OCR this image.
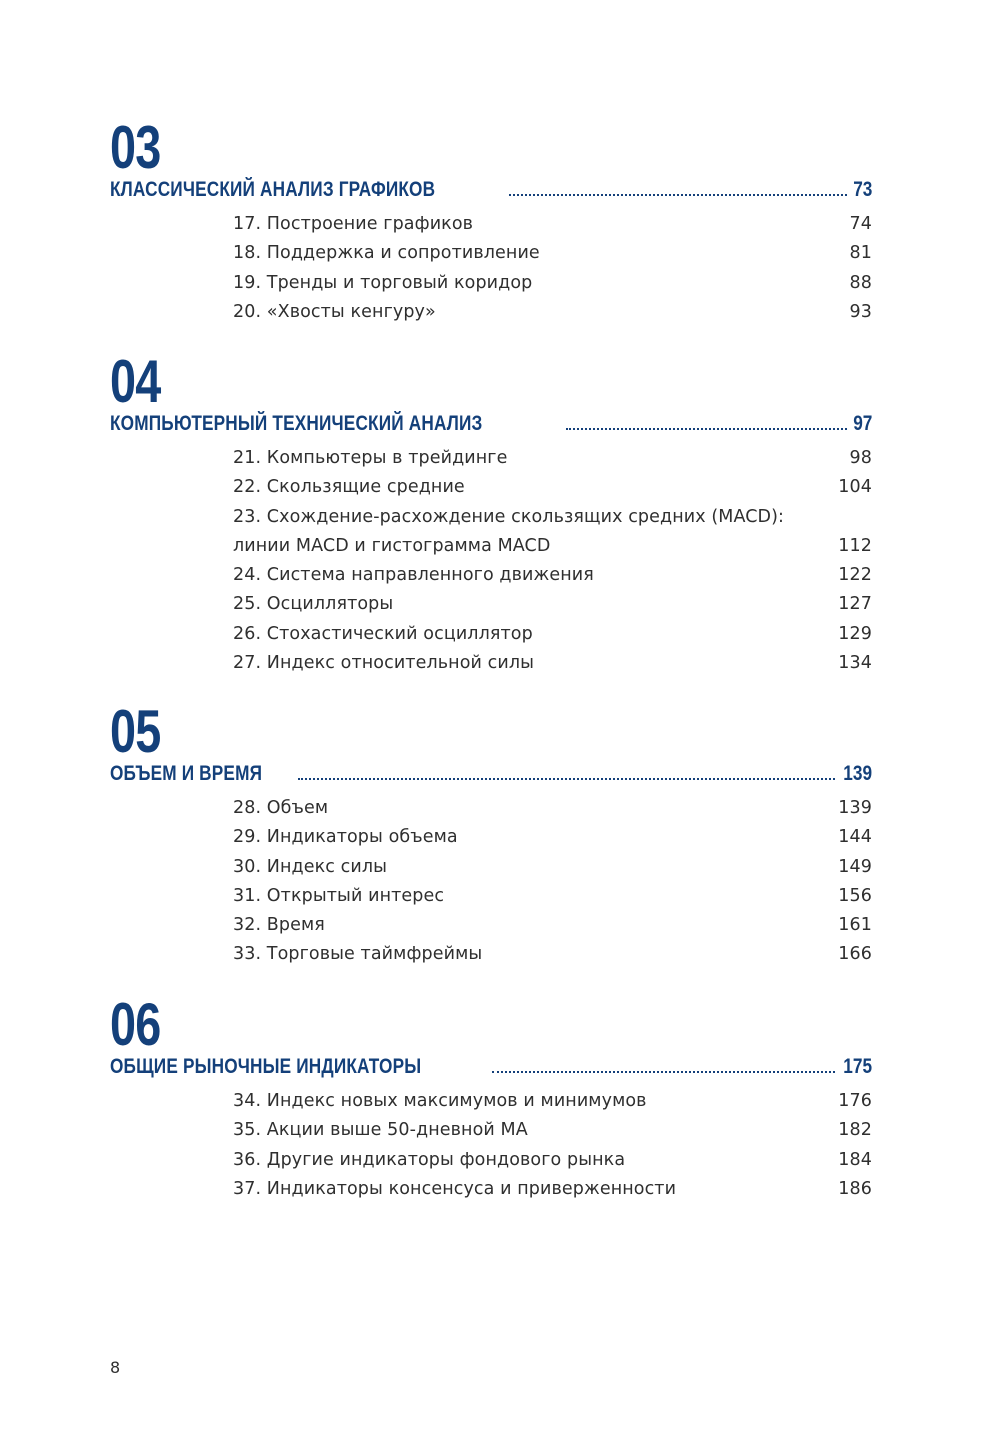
03
КЛАССИЧЕСКИЙ АНАЛИЗ ГРАФИКОВ	73
17. Построение графиков	74
18. Поддержка и сопротивление	81
19. Тренды и торговый коридор	88
20. «Хвосты кенгуру»	93
04
КОМПЬЮТЕРНЫЙ ТЕХНИЧЕСКИЙ АНАЛИЗ	97
21. Компьютеры в трейдинге	98
22. Скользящие средние	104
23. Схождение-расхождение скользящих средних (MACD):
линии MACD и гистограмма MACD	112
24. Система направленного движения	122
25. Осцилляторы	127
26. Стохастический осциллятор	129
27. Индекс относительной силы	134
05
ОБЪЕМ И ВРЕМЯ	139
28. Объем	139
29. Индикаторы объема	144
30. Индекс силы	149
31. Открытый интерес	156
32. Время	161
33. Торговые таймфреймы	166
06
ОБЩИЕ РЫНОЧНЫЕ ИНДИКАТОРЫ	175
34. Индекс новых максимумов и минимумов	176
35. Акции выше 50-дневной МА	182
36. Другие индикаторы фондового рынка	184
37. Индикаторы консенсуса и приверженности	186
8
